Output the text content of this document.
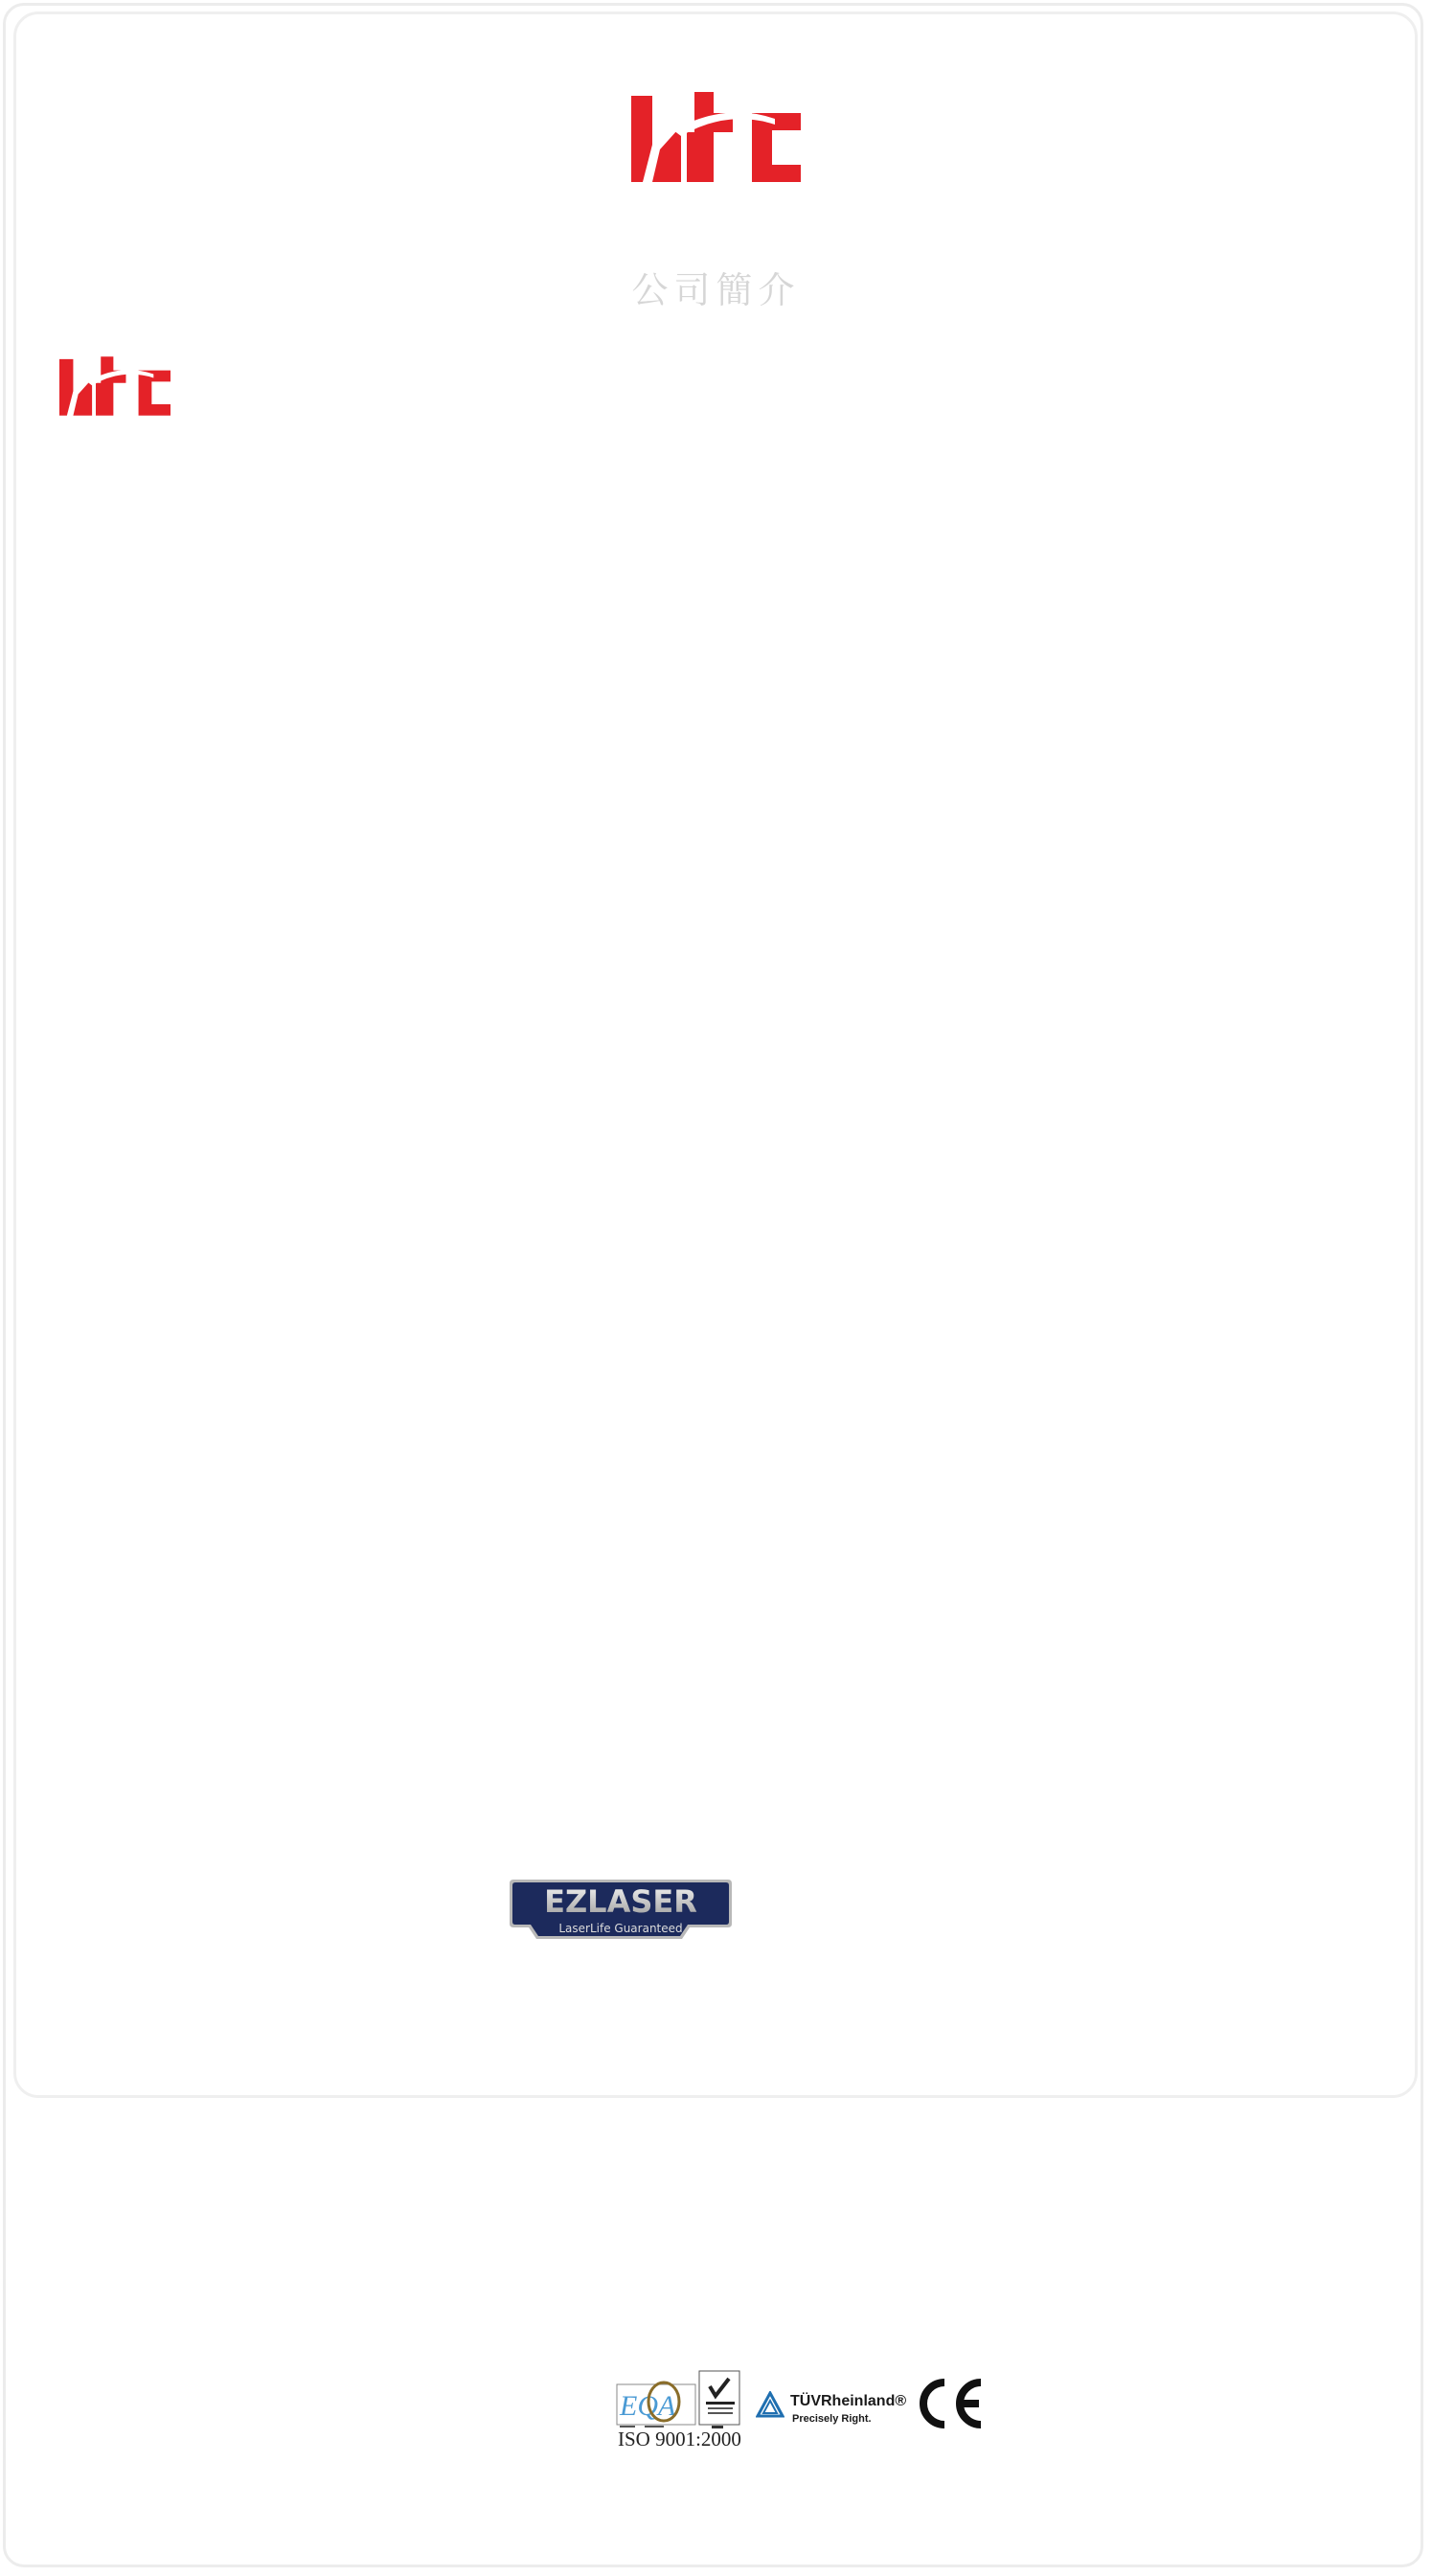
公司簡介

EZLASER
LaserLife Guaranteed
EQA
ISO 9001:2000
TÜVRheinland®
Precisely Right.
